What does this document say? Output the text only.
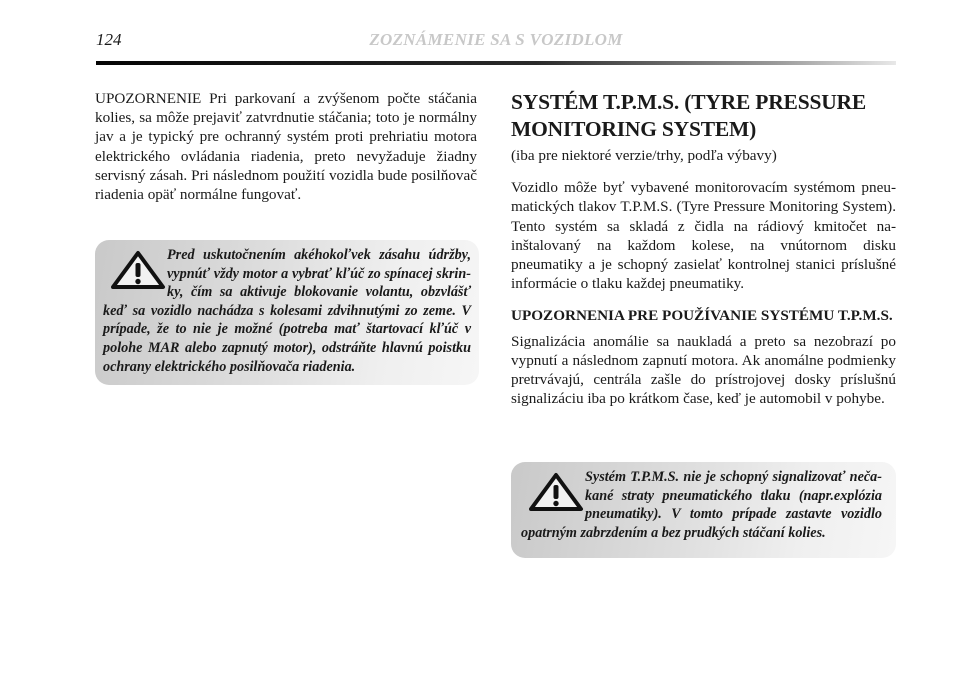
124	ZOZNÁMENIE SA S VOZIDLOM

UPOZORNENIE Pri parkovaní a zvýšenom počte stáčania kolies, sa môže prejaviť zatvrdnutie stáčania; toto je normálny jav a je typický pre ochranný systém proti prehriatiu motora elektrického ovládania riadenia, preto nevyžaduje žiadny servisný zásah. Pri následnom použití vozidla bude posilňovač riadenia opäť normálne fungovať.

Pred uskutočnením akéhokoľvek zásahu údržby, vypnúť vždy motor a vybrať kľúč zo spínacej skrinky, čím sa aktivuje blokovanie volantu, obzvlášť keď sa vozidlo nachádza s kolesami zdvihnutými zo zeme. V prípade, že to nie je možné (potreba mať štartovací kľúč v polohe MAR alebo zapnutý motor), odstráňte hlavnú poistku ochrany elektrického posilňovača riadenia.

SYSTÉM T.P.M.S. (TYRE PRESSURE MONITORING SYSTEM)

(iba pre niektoré verzie/trhy, podľa výbavy)

Vozidlo môže byť vybavené monitorovacím systémom pneumatických tlakov T.P.M.S. (Tyre Pressure Monitoring System). Tento systém sa skladá z čidla na rádiový kmitočet nainštalovaný na každom kolese, na vnútornom disku pneumatiky a je schopný zasielať kontrolnej stanici príslušné informácie o tlaku každej pneumatiky.

UPOZORNENIA PRE POUŽÍVANIE SYSTÉMU T.P.M.S.

Signalizácia anomálie sa naukladá a preto sa nezobrazí po vypnutí a následnom zapnutí motora. Ak anomálne podmienky pretrvávajú, centrála zašle do prístrojovej dosky príslušnú signalizáciu iba po krátkom čase, keď je automobil v pohybe.

Systém T.P.M.S. nie je schopný signalizovať nečakané straty pneumatického tlaku (napr.explózia pneumatiky). V tomto prípade zastavte vozidlo opatrným zabrzdením a bez prudkých stáčaní kolies.
